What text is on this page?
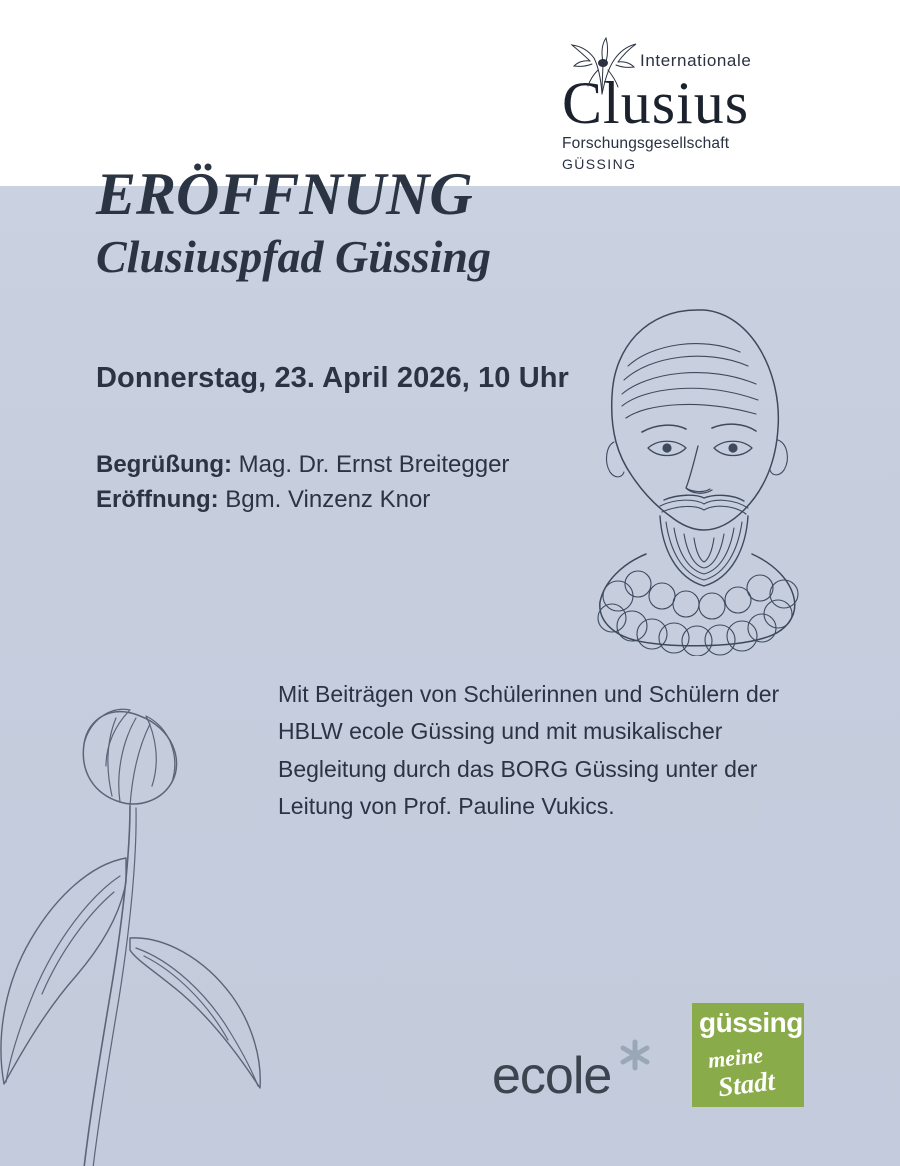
Internationale
Clusius
Forschungsgesellschaft
GÜSSING
ERÖFFNUNG
Clusiuspfad Güssing
Donnerstag, 23. April 2026, 10 Uhr
Begrüßung: Mag. Dr. Ernst Breitegger
Eröffnung: Bgm. Vinzenz Knor
Mit Beiträgen von Schülerinnen und Schülern der HBLW ecole Güssing und mit musikalischer Begleitung durch das BORG Güssing unter der Leitung von Prof. Pauline Vukics.
ecole
güssing
meine
Stadt
